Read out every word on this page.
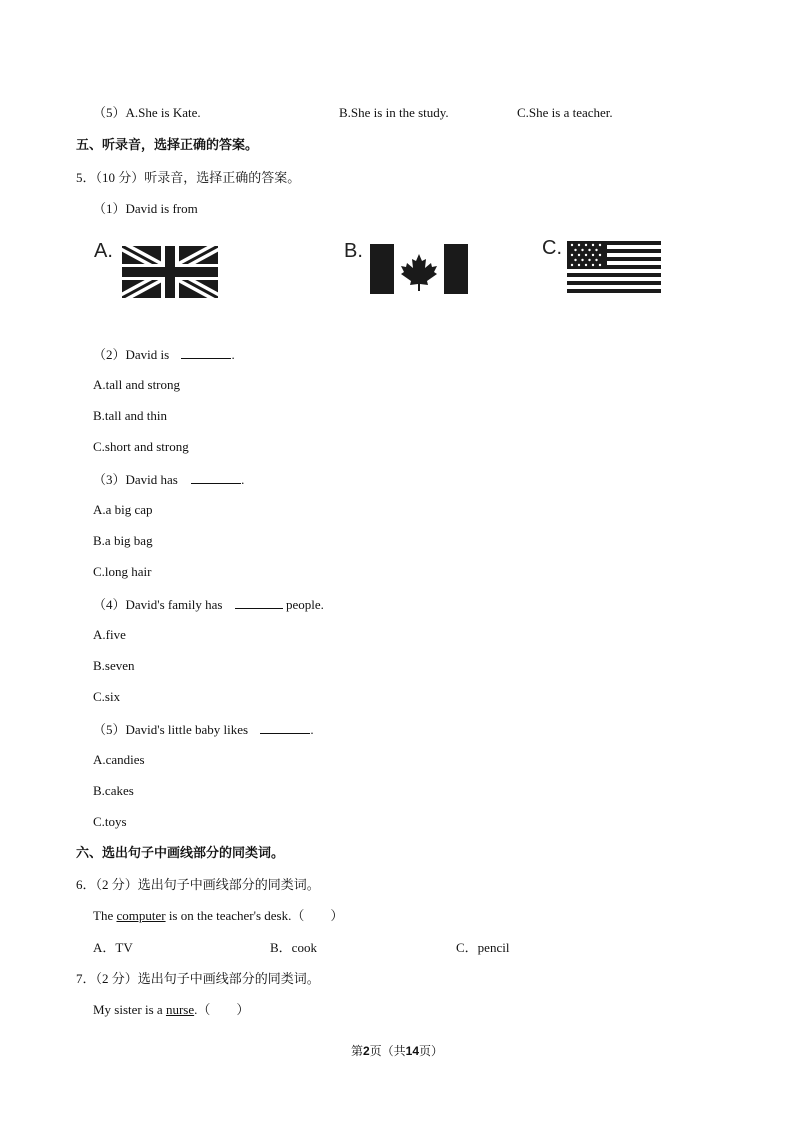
（5）A.She is Kate.	B.She is in the study.	C.She is a teacher.
五、听录音，选择正确的答案。
5．（10 分）听录音，选择正确的答案。
（1）David is from
A.	B.	C.
（2）David is	.
A.tall and strong
B.tall and thin
C.short and strong
（3）David has	.
A.a big cap
B.a big bag
C.long hair
（4）David's family has	people.
A.five
B.seven
C.six
（5）David's little baby likes	.
A.candies
B.cakes
C.toys
六、选出句子中画线部分的同类词。
6．（2 分）选出句子中画线部分的同类词。
The computer is on the teacher's desk.（　　）
A．TV	B．cook	C．pencil
7．（2 分）选出句子中画线部分的同类词。
My sister is a nurse.（　　）
第2页（共14页）
